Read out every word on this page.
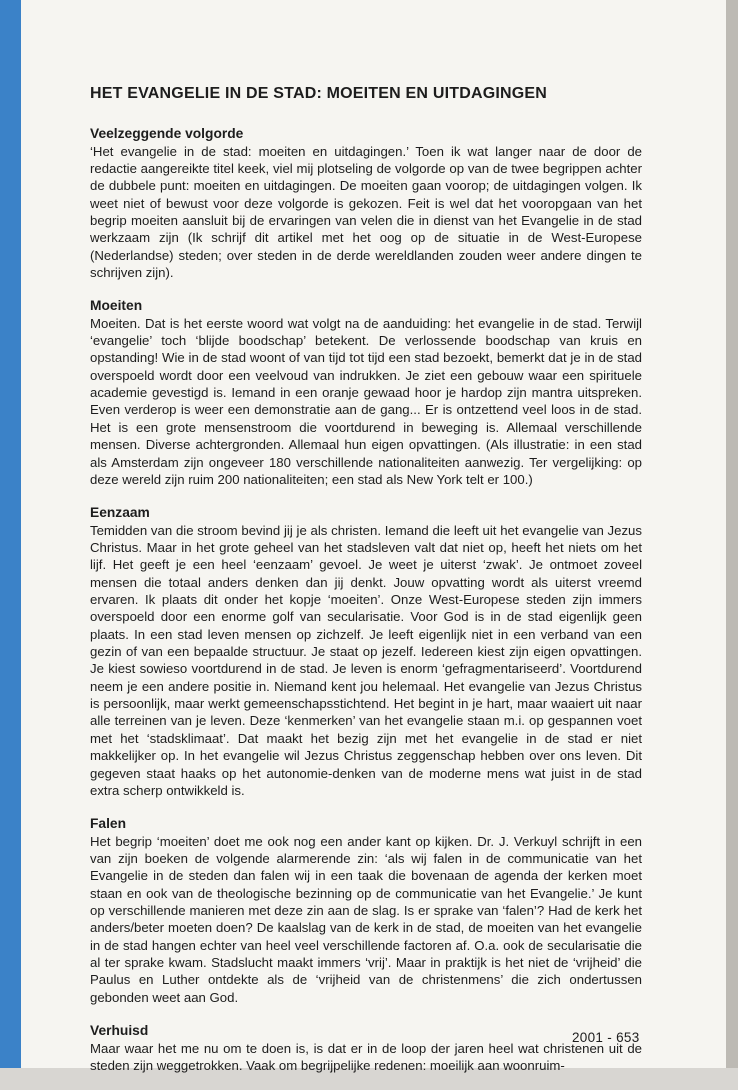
HET EVANGELIE IN DE STAD: MOEITEN EN UITDAGINGEN
Veelzeggende volgorde

‘Het evangelie in de stad: moeiten en uitdagingen.’ Toen ik wat langer naar de door de redactie aangereikte titel keek, viel mij plotseling de volgorde op van de twee begrippen achter de dubbele punt: moeiten en uitdagingen. De moeiten gaan voorop; de uitdagingen volgen. Ik weet niet of bewust voor deze volgorde is gekozen. Feit is wel dat het vooropgaan van het begrip moeiten aansluit bij de ervaringen van velen die in dienst van het Evangelie in de stad werkzaam zijn (Ik schrijf dit artikel met het oog op de situatie in de West-Europese (Nederlandse) steden; over steden in de derde wereldlanden zouden weer andere dingen te schrijven zijn).

Moeiten

Moeiten. Dat is het eerste woord wat volgt na de aanduiding: het evangelie in de stad. Terwijl ‘evangelie’ toch ‘blijde boodschap’ betekent. De verlossende boodschap van kruis en opstanding! Wie in de stad woont of van tijd tot tijd een stad bezoekt, bemerkt dat je in de stad overspoeld wordt door een veelvoud van indrukken. Je ziet een gebouw waar een spirituele academie gevestigd is. Iemand in een oranje gewaad hoor je hardop zijn mantra uitspreken. Even verderop is weer een demonstratie aan de gang... Er is ontzettend veel loos in de stad. Het is een grote mensenstroom die voortdurend in beweging is. Allemaal verschillende mensen. Diverse achtergronden. Allemaal hun eigen opvattingen. (Als illustratie: in een stad als Amsterdam zijn ongeveer 180 verschillende nationaliteiten aanwezig. Ter vergelijking: op deze wereld zijn ruim 200 nationaliteiten; een stad als New York telt er 100.)

Eenzaam

Temidden van die stroom bevind jij je als christen. Iemand die leeft uit het evangelie van Jezus Christus. Maar in het grote geheel van het stadsleven valt dat niet op, heeft het niets om het lijf. Het geeft je een heel ‘eenzaam’ gevoel. Je weet je uiterst ‘zwak’. Je ontmoet zoveel mensen die totaal anders denken dan jij denkt. Jouw opvatting wordt als uiterst vreemd ervaren. Ik plaats dit onder het kopje ‘moeiten’. Onze West-Europese steden zijn immers overspoeld door een enorme golf van secularisatie. Voor God is in de stad eigenlijk geen plaats. In een stad leven mensen op zichzelf. Je leeft eigenlijk niet in een verband van een gezin of van een bepaalde structuur. Je staat op jezelf. Iedereen kiest zijn eigen opvattingen. Je kiest sowieso voortdurend in de stad. Je leven is enorm ‘gefragmentariseerd’. Voortdurend neem je een andere positie in. Niemand kent jou helemaal. Het evangelie van Jezus Christus is persoonlijk, maar werkt gemeenschapsstichtend. Het begint in je hart, maar waaiert uit naar alle terreinen van je leven. Deze ‘kenmerken’ van het evangelie staan m.i. op gespannen voet met het ‘stadsklimaat’. Dat maakt het bezig zijn met het evangelie in de stad er niet makkelijker op. In het evangelie wil Jezus Christus zeggenschap hebben over ons leven. Dit gegeven staat haaks op het autonomie-denken van de moderne mens wat juist in de stad extra scherp ontwikkeld is.

Falen

Het begrip ‘moeiten’ doet me ook nog een ander kant op kijken. Dr. J. Verkuyl schrijft in een van zijn boeken de volgende alarmerende zin: ‘als wij falen in de communicatie van het Evangelie in de steden dan falen wij in een taak die bovenaan de agenda der kerken moet staan en ook van de theologische bezinning op de communicatie van het Evangelie.’ Je kunt op verschillende manieren met deze zin aan de slag. Is er sprake van ‘falen’? Had de kerk het anders/beter moeten doen? De kaalslag van de kerk in de stad, de moeiten van het evangelie in de stad hangen echter van heel veel verschillende factoren af. O.a. ook de secularisatie die al ter sprake kwam. Stadslucht maakt immers ‘vrij’. Maar in praktijk is het niet de ‘vrijheid’ die Paulus en Luther ontdekte als de ‘vrijheid van de christenmens’ die zich ondertussen gebonden weet aan God.

Verhuisd

Maar waar het me nu om te doen is, is dat er in de loop der jaren heel wat christenen uit de steden zijn weggetrokken. Vaak om begrijpelijke redenen: moeilijk aan woonruim-

2001 - 653
